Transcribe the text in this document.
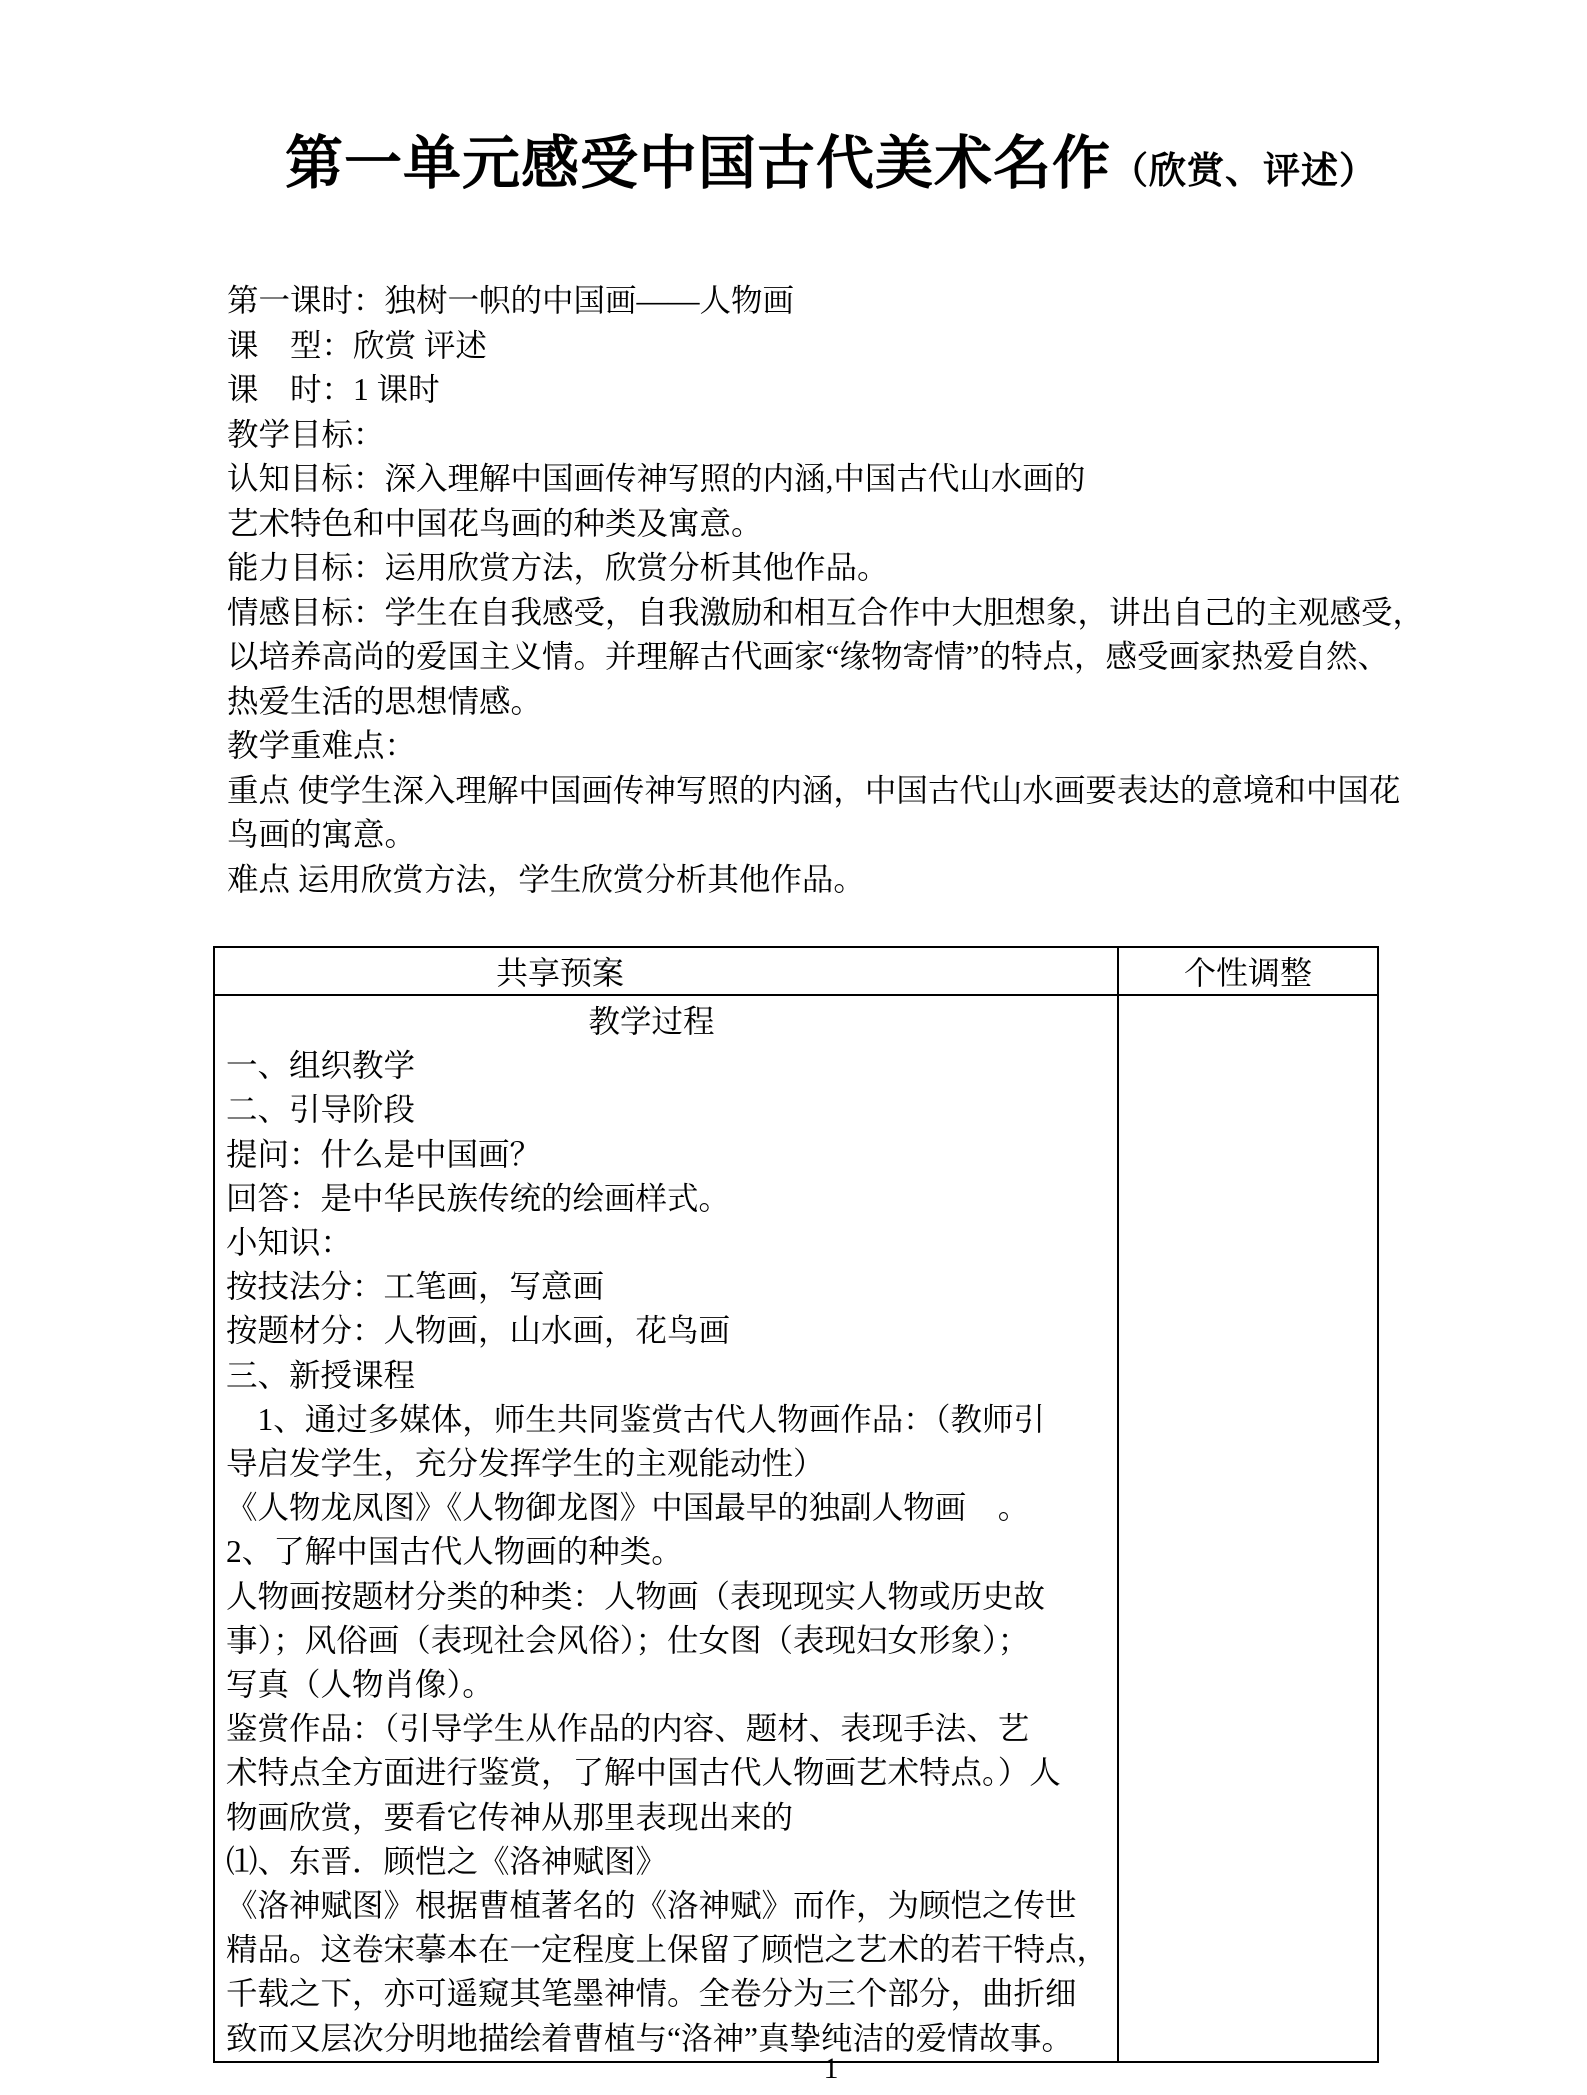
第一单元感受中国古代美术名作（欣赏、评述）
第一课时：独树一帜的中国画——人物画
课　型：欣赏 评述
课　时：1 课时
教学目标：
认知目标：深入理解中国画传神写照的内涵,中国古代山水画的
艺术特色和中国花鸟画的种类及寓意。
能力目标：运用欣赏方法，欣赏分析其他作品。
情感目标：学生在自我感受，自我激励和相互合作中大胆想象，讲出自己的主观感受，
以培养高尚的爱国主义情。并理解古代画家“缘物寄情”的特点，感受画家热爱自然、
热爱生活的思想情感。
教学重难点：
重点 使学生深入理解中国画传神写照的内涵，中国古代山水画要表达的意境和中国花
鸟画的寓意。
难点 运用欣赏方法，学生欣赏分析其他作品。
共享预案	个性调整

教学过程
一、组织教学
二、引导阶段
提问：什么是中国画？
回答：是中华民族传统的绘画样式。
小知识：
按技法分：工笔画，写意画
按题材分：人物画，山水画，花鸟画
三、新授课程
　1、通过多媒体，师生共同鉴赏古代人物画作品：（教师引
导启发学生，充分发挥学生的主观能动性）
《人物龙凤图》《人物御龙图》中国最早的独副人物画　。
2、了解中国古代人物画的种类。
人物画按题材分类的种类：人物画（表现现实人物或历史故
事）；风俗画（表现社会风俗）；仕女图（表现妇女形象）；
写真（人物肖像）。
鉴赏作品：（引导学生从作品的内容、题材、表现手法、艺
术特点全方面进行鉴赏，了解中国古代人物画艺术特点。）人
物画欣赏，要看它传神从那里表现出来的
⑴、东晋．顾恺之《洛神赋图》
《洛神赋图》根据曹植著名的《洛神赋》而作，为顾恺之传世
精品。这卷宋摹本在一定程度上保留了顾恺之艺术的若干特点，
千载之下，亦可遥窥其笔墨神情。全卷分为三个部分，曲折细
致而又层次分明地描绘着曹植与“洛神”真挚纯洁的爱情故事。

1
